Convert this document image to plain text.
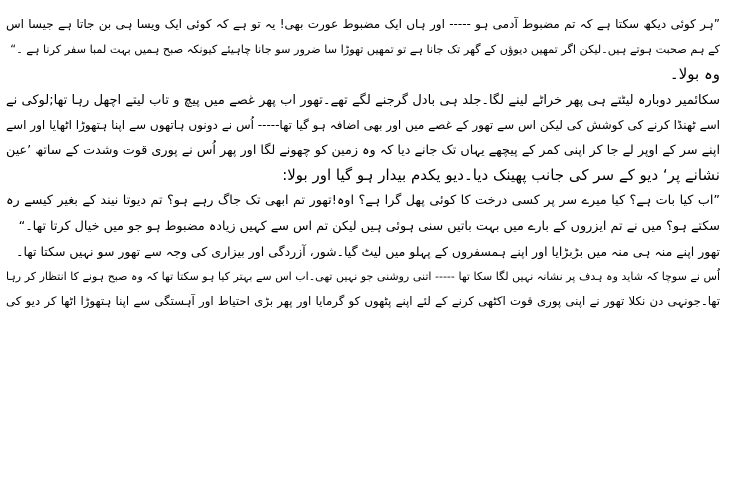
”ہر کوئی دیکھ سکتا ہے کہ تم مضبوط آدمی ہو ----- اور ہاں ایک مضبوط عورت بھی! یہ تو ہے کہ کوئی ایک ویسا ہی بن جاتا ہے جیسا اس
کے ہم صحبت ہوتے ہیں۔لیکن اگر تمھیں دیوؤں کے گھر تک جانا ہے تو تمھیں تھوڑا سا ضرور سو جانا چاہیئے کیونکہ صبح ہمیں بہت لمبا سفر کرنا ہے ۔“
وہ بولا۔
سکائمیر دوبارہ لیٹتے ہی پھر خراٹے لینے لگا۔جلد ہی بادل گرجنے لگے تھے۔تھور اب پھر غصے میں پیچ و تاب لیتے اچھل رہا تھا;لوکی نے
اسے ٹھنڈا کرنے کی کوشش کی لیکن اس سے تھور کے غصے میں اور بھی اضافہ ہو گیا تھا----- اُس نے دونوں ہاتھوں سے اپنا ہتھوڑا اٹھایا اور اسے
اپنے سر کے اوپر لے جا کر اپنی کمر کے پیچھے یہاں تک جانے دیا کہ وہ زمین کو چھونے لگا اور پھر اُس نے پوری قوت وشدت کے ساتھ ’عین
نشانے پر‘ دیو کے سر کی جانب پھینک دیا۔دیو یکدم بیدار ہو گیا اور بولا:
”اب کیا بات ہے؟ کیا میرے سر پر کسی درخت کا کوئی پھل گرا ہے؟ اوہ!تھور تم ابھی تک جاگ رہے ہو؟ تم دیوتا نیند کے بغیر کیسے رہ
سکتے ہو؟ میں نے تم ایزروں کے بارے میں بہت باتیں سنی ہوئی ہیں لیکن تم اس سے کہیں زیادہ مضبوط ہو جو میں خیال کرتا تھا۔“
تھور اپنے منہ ہی منہ میں بڑبڑایا اور اپنے ہمسفروں کے پہلو میں لیٹ گیا۔شور، آزردگی اور بیزاری کی وجہ سے تھور سو نہیں سکتا تھا۔
اُس نے سوچا کہ شاید وہ ہدف پر نشانہ نہیں لگا سکا تھا ----- اتنی روشنی جو نہیں تھی۔اب اس سے بہتر کیا ہو سکتا تھا کہ وہ صبح ہونے کا انتظار کر رہا
تھا۔جونہی دن نکلا تھور نے اپنی پوری قوت اکٹھی کرنے کے لئے اپنے پٹھوں کو گرمایا اور پھر بڑی احتیاط اور آہستگی سے اپنا ہتھوڑا اٹھا کر دیو کی
